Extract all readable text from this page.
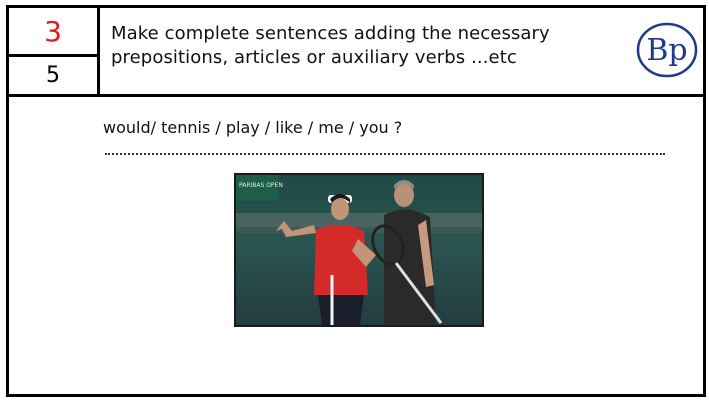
3
5
Make complete sentences adding the necessary
prepositions, articles or auxiliary verbs ...etc	Bp
would/ tennis / play / like / me / you ?
PARIBAS OPEN
